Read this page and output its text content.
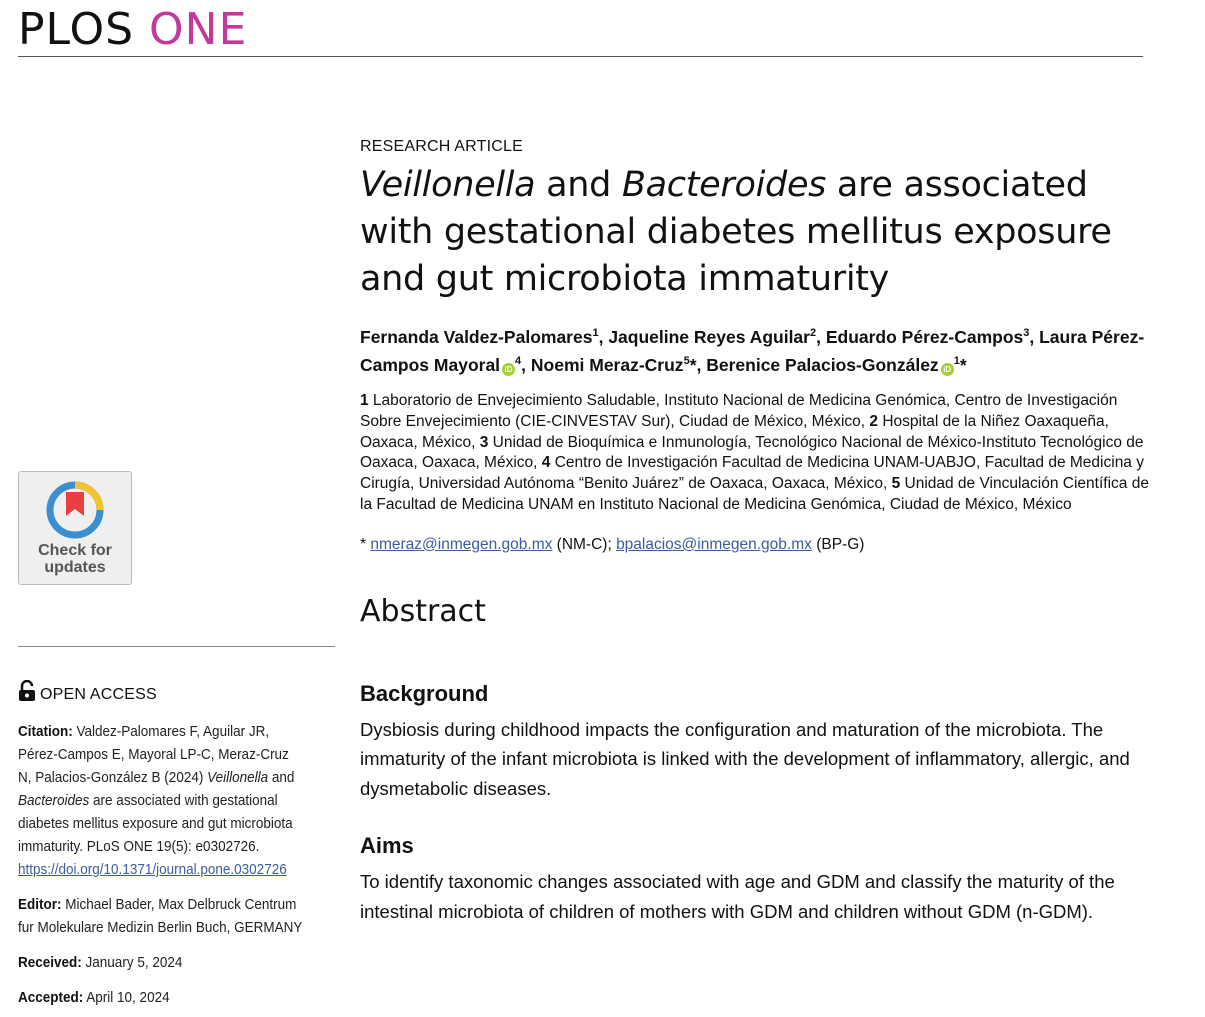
PLOS ONE
Check for
updates
OPEN ACCESS
Citation: Valdez-Palomares F, Aguilar JR, Pérez-Campos E, Mayoral LP-C, Meraz-Cruz N, Palacios-González B (2024) Veillonella and Bacteroides are associated with gestational diabetes mellitus exposure and gut microbiota immaturity. PLoS ONE 19(5): e0302726. https://doi.org/10.1371/journal.pone.0302726
Editor: Michael Bader, Max Delbruck Centrum fur Molekulare Medizin Berlin Buch, GERMANY
Received: January 5, 2024
Accepted: April 10, 2024
RESEARCH ARTICLE
Veillonella and Bacteroides are associated with gestational diabetes mellitus exposure and gut microbiota immaturity
Fernanda Valdez-Palomares$^1$, Jaqueline Reyes Aguilar$^2$, Eduardo Pérez-Campos$^3$, Laura Pérez-Campos Mayoral $iD^4$, Noemi Meraz-Cruz$^5$*, Berenice Palacios-González $iD^1*$
1 Laboratorio de Envejecimiento Saludable, Instituto Nacional de Medicina Genómica, Centro de Investigación Sobre Envejecimiento (CIE-CINVESTAV Sur), Ciudad de México, México, 2 Hospital de la Niñez Oaxaqueña, Oaxaca, México, 3 Unidad de Bioquímica e Inmunología, Tecnológico Nacional de México-Instituto Tecnológico de Oaxaca, Oaxaca, México, 4 Centro de Investigación Facultad de Medicina UNAM-UABJO, Facultad de Medicina y Cirugía, Universidad Autónoma “Benito Juárez” de Oaxaca, Oaxaca, México, 5 Unidad de Vinculación Científica de la Facultad de Medicina UNAM en Instituto Nacional de Medicina Genómica, Ciudad de México, México
* nmeraz@inmegen.gob.mx (NM-C); bpalacios@inmegen.gob.mx (BP-G)
Abstract
Background
Dysbiosis during childhood impacts the configuration and maturation of the microbiota. The immaturity of the infant microbiota is linked with the development of inflammatory, allergic, and dysmetabolic diseases.
Aims
To identify taxonomic changes associated with age and GDM and classify the maturity of the intestinal microbiota of children of mothers with GDM and children without GDM (n-GDM).
